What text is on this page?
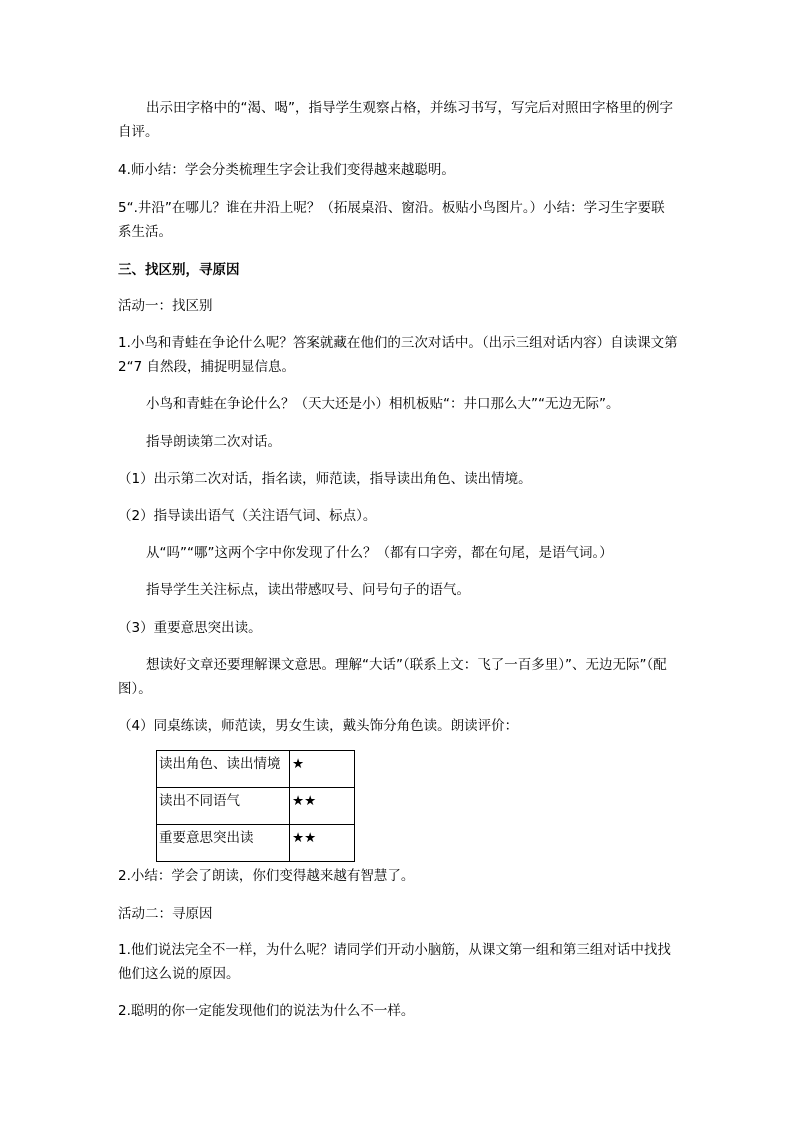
出示田字格中的“渴、喝”，指导学生观察占格，并练习书写，写完后对照田字格里的例字自评。
4.师小结：学会分类梳理生字会让我们变得越来越聪明。
5“.井沿”在哪儿？谁在井沿上呢？（拓展桌沿、窗沿。板贴小鸟图片。）小结：学习生字要联系生活。
三、找区别，寻原因
活动一：找区别
1.小鸟和青蛙在争论什么呢？答案就藏在他们的三次对话中。（出示三组对话内容）自读课文第 2“7 自然段，捕捉明显信息。
小鸟和青蛙在争论什么？（天大还是小）相机板贴“：井口那么大”“无边无际”。
指导朗读第二次对话。
（1）出示第二次对话，指名读，师范读，指导读出角色、读出情境。
（2）指导读出语气（关注语气词、标点）。
从“吗”“哪”这两个字中你发现了什么？（都有口字旁，都在句尾，是语气词。）
指导学生关注标点，读出带感叹号、问号句子的语气。
（3）重要意思突出读。
想读好文章还要理解课文意思。理解“大话”（联系上文：飞了一百多里）”、无边无际”（配图）。
（4）同桌练读，师范读，男女生读，戴头饰分角色读。朗读评价：
读出角色、读出情境	★
读出不同语气	★★
重要意思突出读	★★
2.小结：学会了朗读，你们变得越来越有智慧了。
活动二：寻原因
1.他们说法完全不一样，为什么呢？请同学们开动小脑筋，从课文第一组和第三组对话中找找他们这么说的原因。
2.聪明的你一定能发现他们的说法为什么不一样。
